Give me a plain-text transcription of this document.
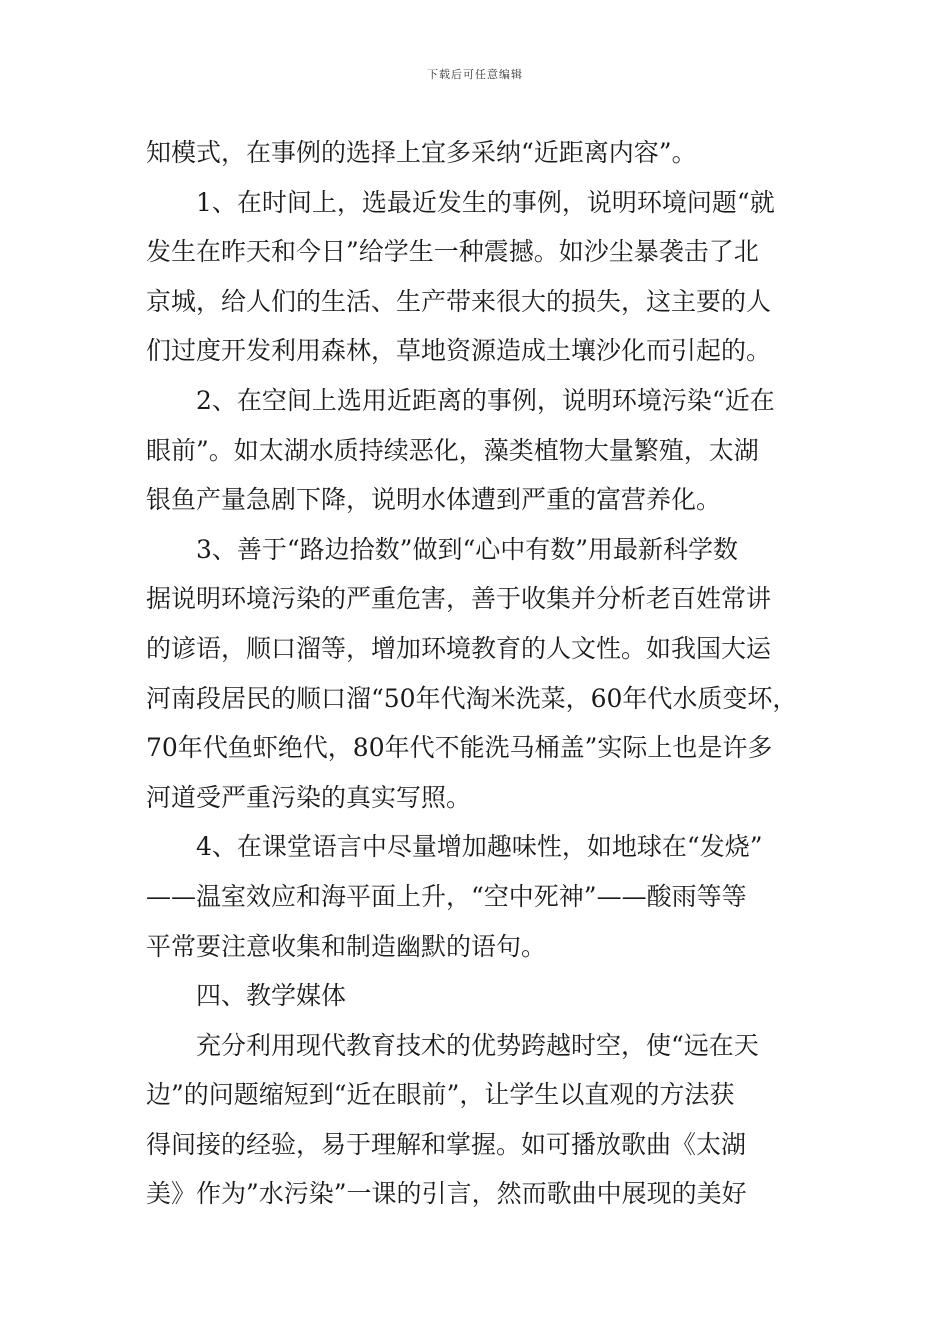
下载后可任意编辑
知模式，在事例的选择上宜多采纳“近距离内容”。
1、在时间上，选最近发生的事例，说明环境问题“就
发生在昨天和今日”给学生一种震撼。如沙尘暴袭击了北
京城，给人们的生活、生产带来很大的损失，这主要的人
们过度开发利用森林，草地资源造成土壤沙化而引起的。
2、在空间上选用近距离的事例，说明环境污染“近在
眼前”。如太湖水质持续恶化，藻类植物大量繁殖，太湖
银鱼产量急剧下降，说明水体遭到严重的富营养化。
3、善于“路边拾数”做到“心中有数”用最新科学数
据说明环境污染的严重危害，善于收集并分析老百姓常讲
的谚语，顺口溜等，增加环境教育的人文性。如我国大运
河南段居民的顺口溜“50年代淘米洗菜，60年代水质变坏，
70年代鱼虾绝代，80年代不能洗马桶盖”实际上也是许多
河道受严重污染的真实写照。
4、在课堂语言中尽量增加趣味性，如地球在“发烧”
——温室效应和海平面上升，“空中死神”——酸雨等等
平常要注意收集和制造幽默的语句。
四、教学媒体
充分利用现代教育技术的优势跨越时空，使“远在天
边”的问题缩短到“近在眼前”，让学生以直观的方法获
得间接的经验，易于理解和掌握。如可播放歌曲《太湖
美》作为”水污染”一课的引言，然而歌曲中展现的美好
